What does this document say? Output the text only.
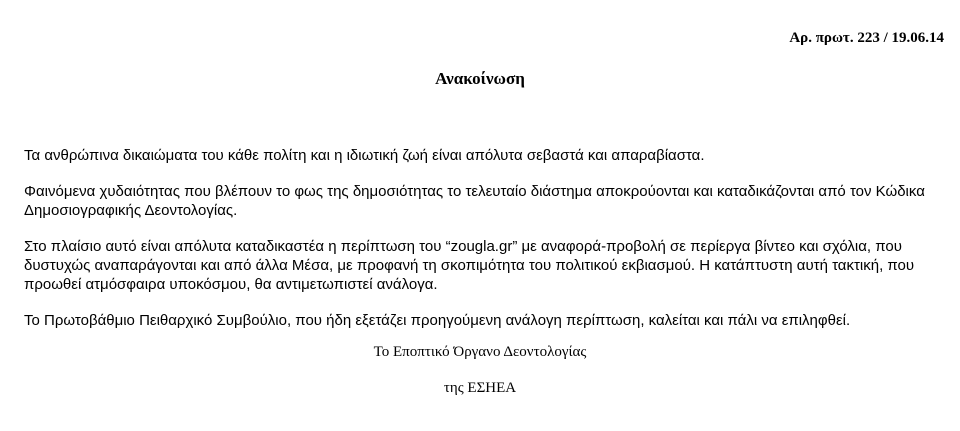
Αρ. πρωτ. 223 / 19.06.14
Ανακοίνωση

Τα ανθρώπινα δικαιώματα του κάθε πολίτη και η ιδιωτική ζωή είναι απόλυτα σεβαστά και απαραβίαστα.

Φαινόμενα χυδαιότητας που βλέπουν το φως της δημοσιότητας το τελευταίο διάστημα αποκρούονται και καταδικάζονται από τον Κώδικα Δημοσιογραφικής Δεοντολογίας.

Στο πλαίσιο αυτό είναι απόλυτα καταδικαστέα η περίπτωση του “zougla.gr” με αναφορά-προβολή σε περίεργα βίντεο και σχόλια, που δυστυχώς αναπαράγονται και από άλλα Μέσα, με προφανή τη σκοπιμότητα του πολιτικού εκβιασμού. Η κατάπτυστη αυτή τακτική, που προωθεί ατμόσφαιρα υποκόσμου, θα αντιμετωπιστεί ανάλογα.

Το Πρωτοβάθμιο Πειθαρχικό Συμβούλιο, που ήδη εξετάζει προηγούμενη ανάλογη περίπτωση, καλείται και πάλι να επιληφθεί.

Το Εποπτικό Όργανο Δεοντολογίας
της ΕΣΗΕΑ
